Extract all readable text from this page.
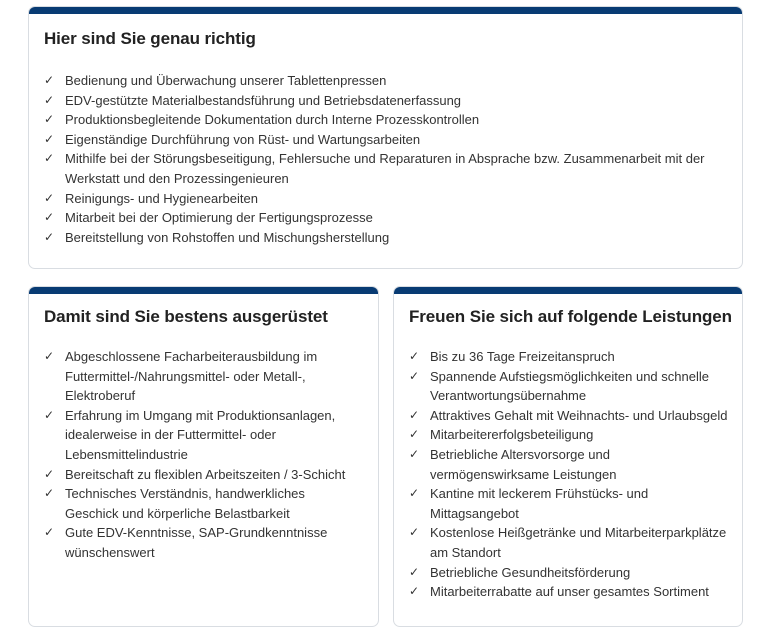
Hier sind Sie genau richtig
✓ Bedienung und Überwachung unserer Tablettenpressen
✓ EDV-gestützte Materialbestandsführung und Betriebsdatenerfassung
✓ Produktionsbegleitende Dokumentation durch Interne Prozesskontrollen
✓ Eigenständige Durchführung von Rüst- und Wartungsarbeiten
✓ Mithilfe bei der Störungsbeseitigung, Fehlersuche und Reparaturen in Absprache bzw. Zusammenarbeit mit der Werkstatt und den Prozessingenieuren
✓ Reinigungs- und Hygienearbeiten
✓ Mitarbeit bei der Optimierung der Fertigungsprozesse
✓ Bereitstellung von Rohstoffen und Mischungsherstellung
Damit sind Sie bestens ausgerüstet
✓ Abgeschlossene Facharbeiterausbildung im Futtermittel-/Nahrungsmittel- oder Metall-, Elektroberuf
✓ Erfahrung im Umgang mit Produktionsanlagen, idealerweise in der Futtermittel- oder Lebensmittelindustrie
✓ Bereitschaft zu flexiblen Arbeitszeiten / 3-Schicht
✓ Technisches Verständnis, handwerkliches Geschick und körperliche Belastbarkeit
✓ Gute EDV-Kenntnisse, SAP-Grundkenntnisse wünschenswert
Freuen Sie sich auf folgende Leistungen
✓ Bis zu 36 Tage Freizeitanspruch
✓ Spannende Aufstiegsmöglichkeiten und schnelle Verantwortungsübernahme
✓ Attraktives Gehalt mit Weihnachts- und Urlaubsgeld
✓ Mitarbeitererfolgsbeteiligung
✓ Betriebliche Altersvorsorge und vermögenswirksame Leistungen
✓ Kantine mit leckerem Frühstücks- und Mittagsangebot
✓ Kostenlose Heißgetränke und Mitarbeiterparkplätze am Standort
✓ Betriebliche Gesundheitsförderung
✓ Mitarbeiterrabatte auf unser gesamtes Sortiment
